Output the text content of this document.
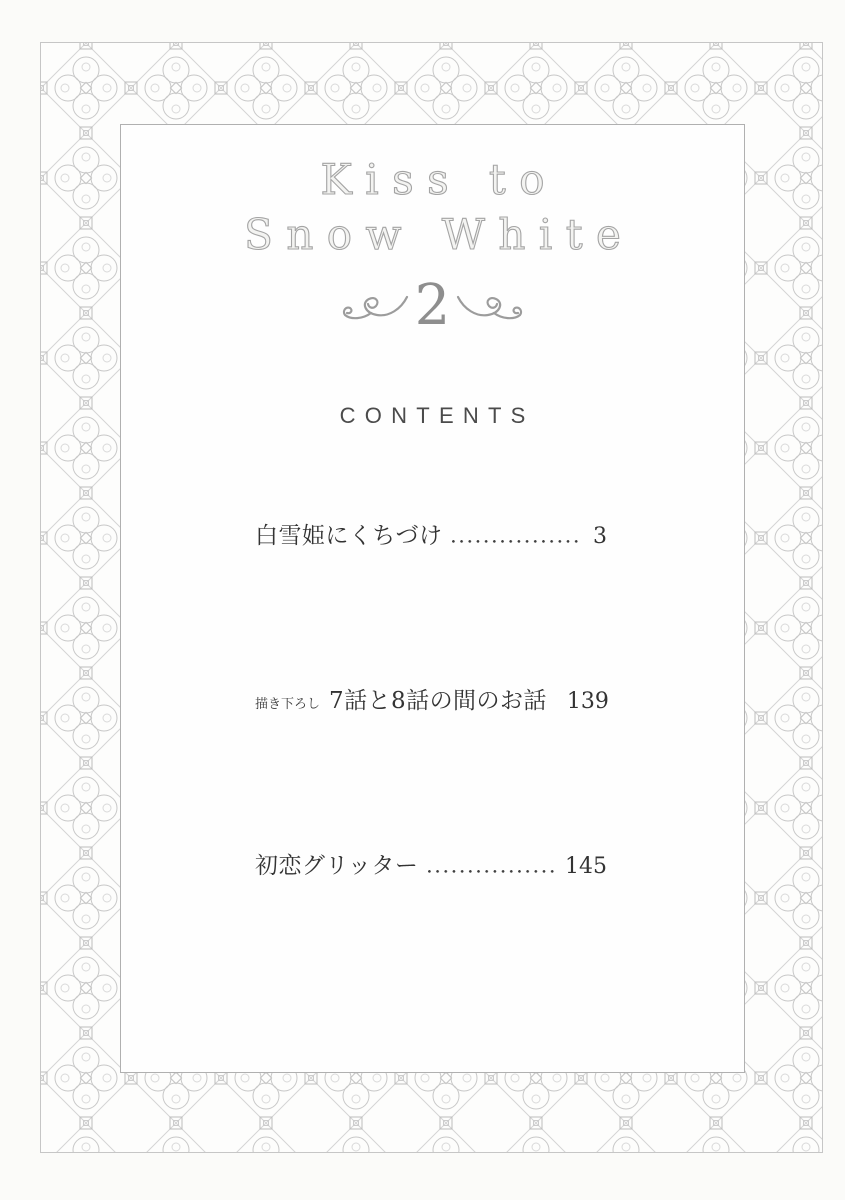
Kiss to
Snow White
2
CONTENTS
白雪姫にくちづけ	3
描き下ろし 7話と8話の間のお話 139
初恋グリッター	145
